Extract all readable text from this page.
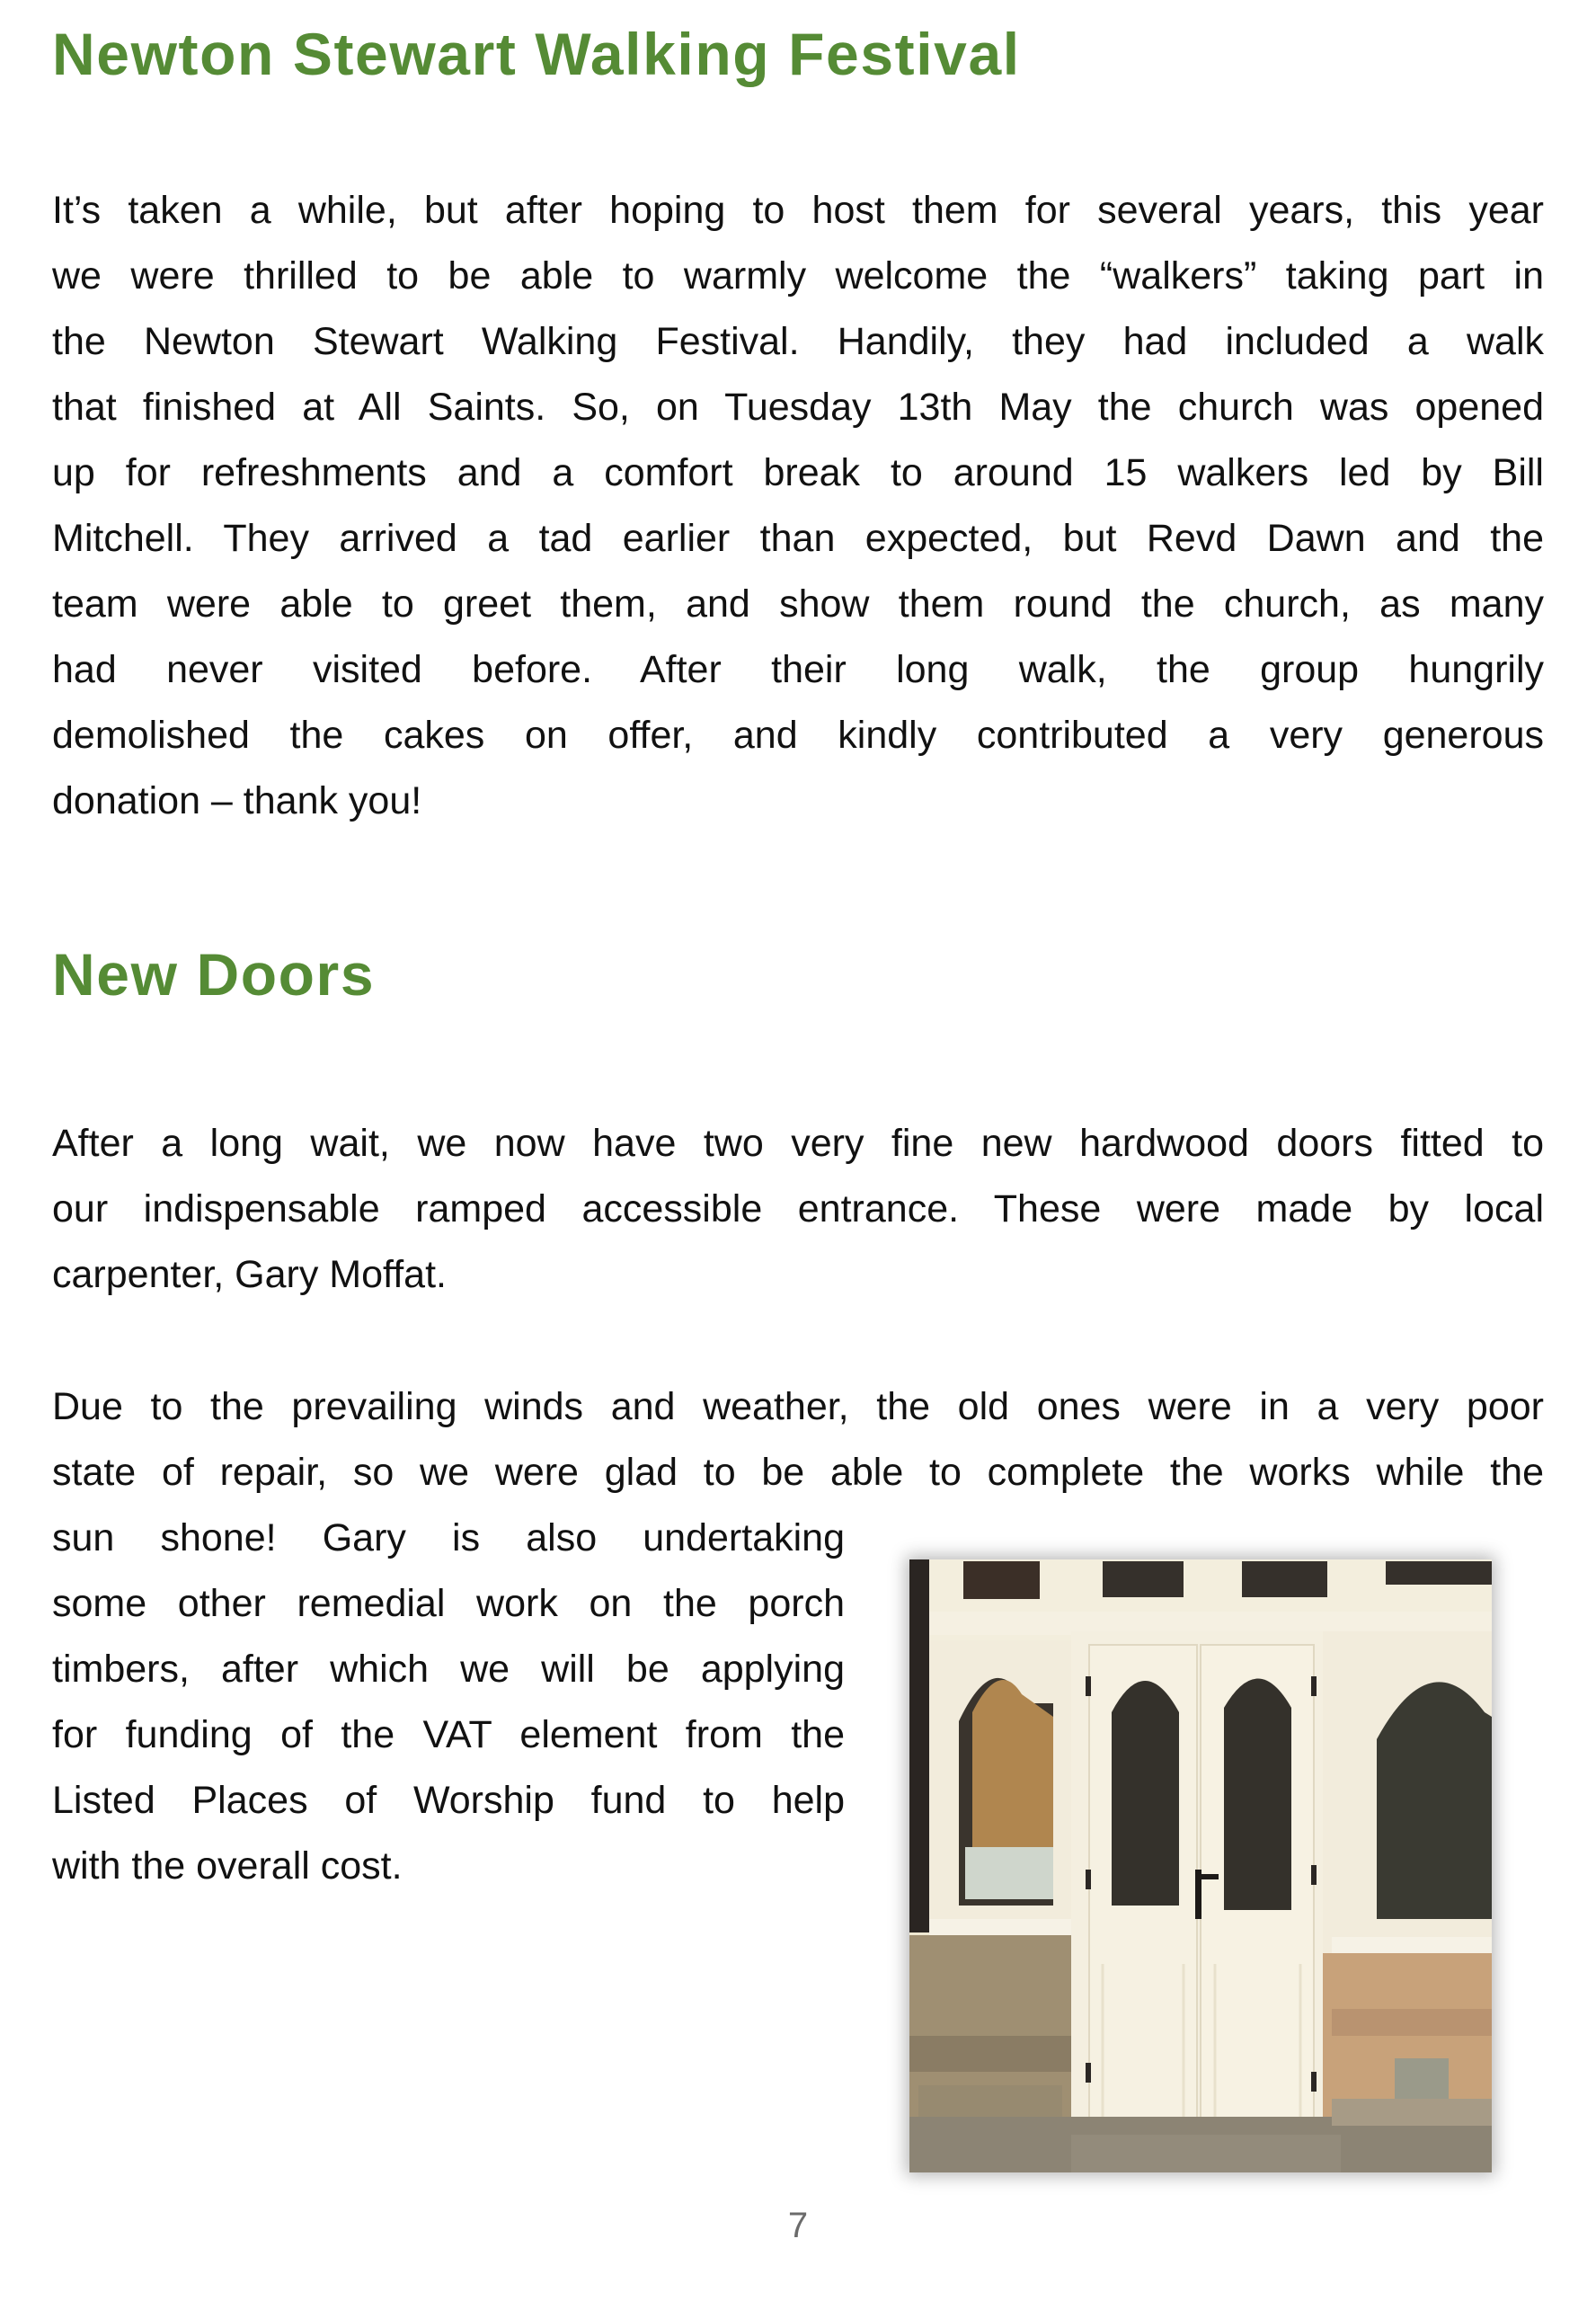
Newton Stewart Walking Festival
It’s taken a while, but after hoping to host them for several years, this year
we were thrilled to be able to warmly welcome the “walkers” taking part in
the Newton Stewart Walking Festival. Handily, they had included a walk
that finished at All Saints. So, on Tuesday 13th May the church was opened
up for refreshments and a comfort break to around 15 walkers led by Bill
Mitchell. They arrived a tad earlier than expected, but Revd Dawn and the
team were able to greet them, and show them round the church, as many
had never visited before. After their long walk, the group hungrily
demolished the cakes on offer, and kindly contributed a very generous
donation – thank you!
New Doors
After a long wait, we now have two very fine new hardwood doors fitted to
our indispensable ramped accessible entrance. These were made by local
carpenter, Gary Moffat.
Due to the prevailing winds and weather, the old ones were in a very poor
state of repair, so we were glad to be able to complete the works while the
sun shone! Gary is also undertaking
some other remedial work on the porch
timbers, after which we will be applying
for funding of the VAT element from the
Listed Places of Worship fund to help
with the overall cost.
7
